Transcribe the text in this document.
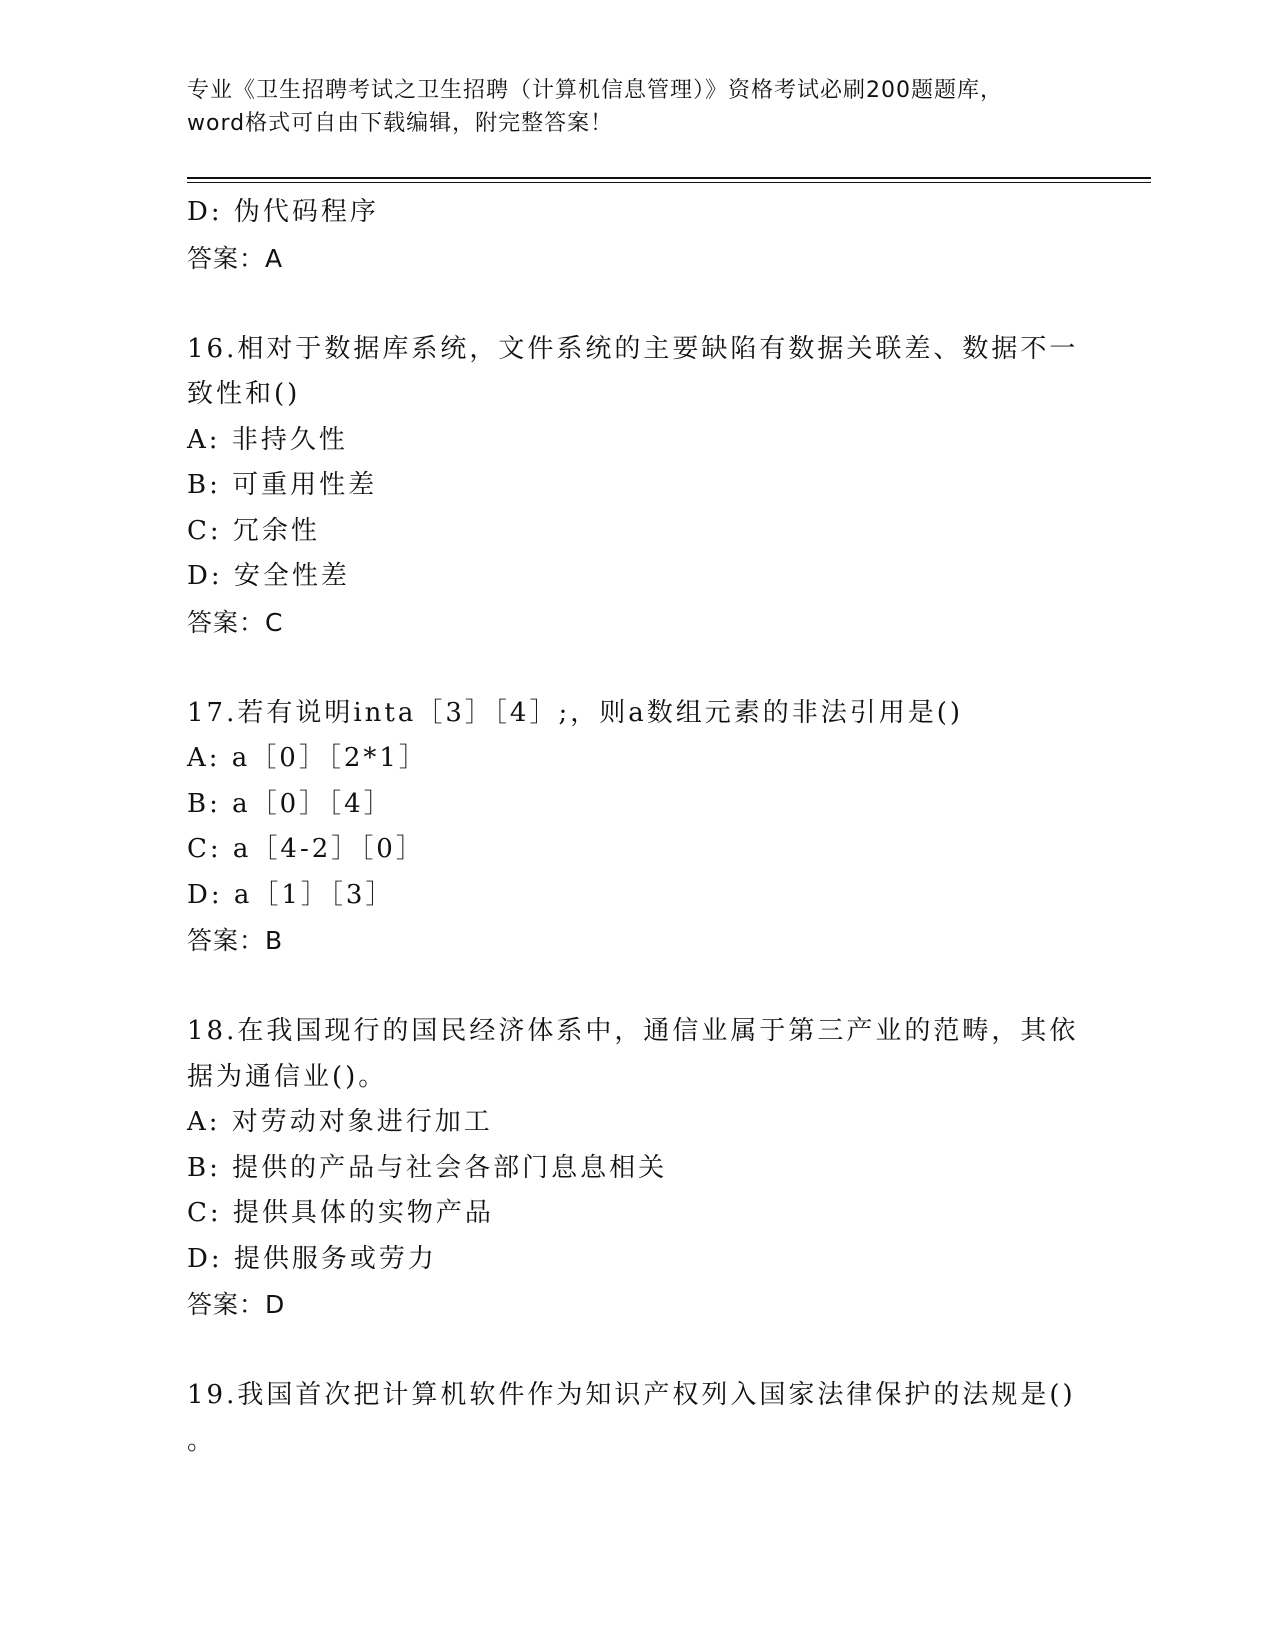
专业《卫生招聘考试之卫生招聘（计算机信息管理）》资格考试必刷200题题库，
word格式可自由下载编辑，附完整答案！

D: 伪代码程序

答案：A

16.相对于数据库系统，文件系统的主要缺陷有数据关联差、数据不一

致性和()

A: 非持久性

B: 可重用性差

C: 冗余性

D: 安全性差

答案：C

17.若有说明inta［3］［4］;，则a数组元素的非法引用是()

A: a［0］［2*1］

B: a［0］［4］

C: a［4-2］［0］

D: a［1］［3］

答案：B

18.在我国现行的国民经济体系中，通信业属于第三产业的范畴，其依

据为通信业()。

A: 对劳动对象进行加工

B: 提供的产品与社会各部门息息相关

C: 提供具体的实物产品

D: 提供服务或劳力

答案：D

19.我国首次把计算机软件作为知识产权列入国家法律保护的法规是()

。
